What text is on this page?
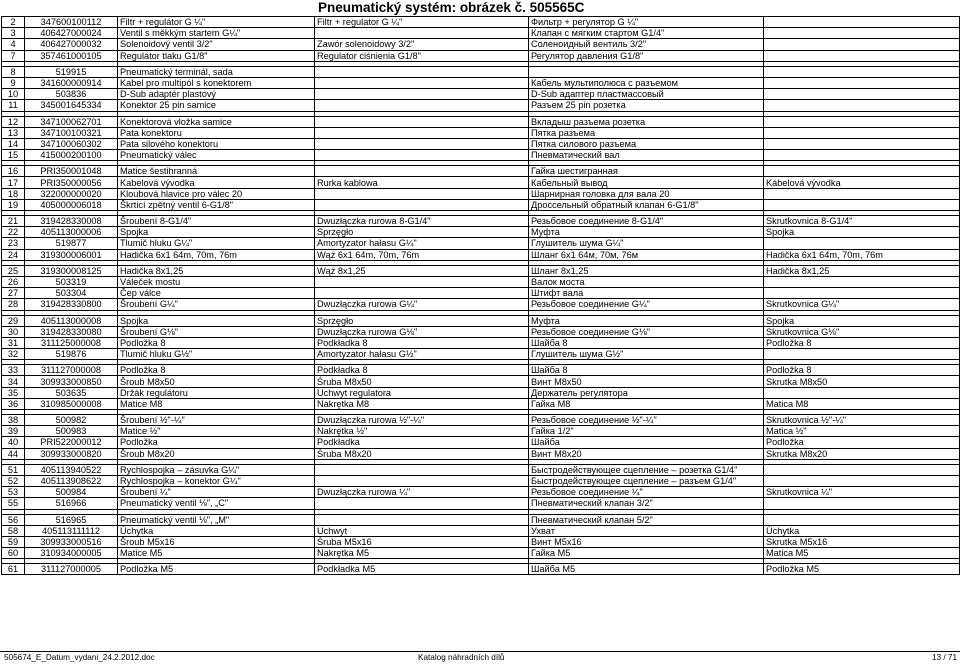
Pneumatický systém: obrázek č. 505565C
2	347600100112	Filtr + regulátor G ¼"	Filtr + regulator G ¼"	Фильтр + регулятор G ¼"	
3	406427000024	Ventil s měkkým startem G¼"		Клапан с мягким стартом G1/4"	
4	406427000032	Solenoidový ventil 3/2"	Zawór solenoidowy 3/2"	Соленоидный вентиль 3/2"	
7	357461000105	Regulátor tlaku G1/8"	Regulator ciśnienia G1/8"	Регулятор давления G1/8"	

8	519915	Pneumatický terminál, sada			
9	341600000914	Kabel pro multipól s konektorem		Кабель мультиполюса с разъемом	
10	503836	D-Sub adaptér plastový		D-Sub адаптер пластмассовый	
11	345001645334	Konektor 25 pin samice		Разъем 25 pin розетка	

12	347100062701	Konektorová vložka samice		Вкладыш разъема розетка	
13	347100100321	Pata konektoru		Пятка разъема	
14	347100060302	Pata silového konektoru		Пятка силового разъема	
15	415000200100	Pneumatický válec		Пневматический вал	

16	PRI350001048	Matice šestihranná		Гайка шестигранная	
17	PRI350000056	Kabelová vývodka	Rurka kablowa	Кабельный вывод	Kábelová vývodka
18	322000000020	Kloubová hlavice pro válec 20		Шарнирная головка для вала 20	
19	405000006018	Škrticí zpětný ventil 6-G1/8"		Дроссельный обратный клапан 6-G1/8"	

21	319428330008	Šroubení 8-G1/4"	Dwuzłączka rurowa 8-G1/4"	Резьбовое соединение 8-G1/4"	Skrutkovnica 8-G1/4"
22	405113000006	Spojka	Sprzęgło	Муфта	Spojka
23	519877	Tlumič hluku G¼"	Amortyzator hałasu G¼"	Глушитель шума G¼"	
24	319300006001	Hadička 6x1 64m, 70m, 76m	Wąż 6x1 64m, 70m, 76m	Шланг 6x1 64м, 70м, 76м	Hadička 6x1 64m, 70m, 76m

25	319300008125	Hadička 8x1,25	Wąż 8x1,25	Шланг 8x1,25	Hadička 8x1,25
26	503319	Váleček mostu		Валок моста	
27	503304	Čep válce		Штифт вала	
28	319428330800	Šroubení G¼"	Dwuzłączka rurowa G¼"	Резьбовое соединение G¼"	Skrutkovnica G¼"

29	405113000008	Spojka	Sprzęgło	Муфта	Spojka
30	319428330080	Šroubení G⅛"	Dwuzłączka rurowa G⅛"	Резьбовое соединение G⅛"	Skrutkovnica G⅛"
31	311125000008	Podložka 8	Podkładka 8	Шайба 8	Podložka 8
32	519876	Tlumič hluku G½"	Amortyzator hałasu G½"	Глушитель шума G½"	

33	311127000008	Podložka 8	Podkładka 8	Шайба 8	Podložka 8
34	309933000850	Šroub M8x50	Śruba M8x50	Винт M8x50	Skrutka M8x50
35	503635	Držák regulátoru	Uchwyt regulatora	Держатель регулятора	
36	310985000008	Matice M8	Nakrętka M8	Гайка M8	Matica M8

38	500982	Šroubení ½"-¼"	Dwuzłączka rurowa ½"-¼"	Резьбовое соединение ½"-¼"	Skrutkovnica ½"-¼"
39	500983	Matice ½"	Nakrętka ½"	Гайка 1/2"	Matica ½"
40	PRI522000012	Podložka	Podkładka	Шайба	Podložka
44	309933000820	Šroub M8x20	Śruba M8x20	Винт M8x20	Skrutka M8x20

51	405113940522	Rychlospojka – zásuvka G¼"		Быстродействующее сцепление – розетка G1/4"	
52	405113908622	Rychlospojka – konektor G¼"		Быстродействующее сцепление – разъем G1/4"	
53	500984	Šroubení ¼"	Dwuzłączka rurowa ¼"	Резьбовое соединение ¼"	Skrutkovnica ¼"
55	516966	Pneumatický ventil ⅛", „C"		Пневматический клапан 3/2"	

56	516965	Pneumatický ventil ⅛", „M"		Пневматический клапан 5/2"	
58	405113111112	Úchytka	Uchwyt	Ухват	Úchytka
59	309933000516	Šroub M5x16	Śruba M5x16	Винт M5x16	Skrutka M5x16
60	310934000005	Matice M5	Nakrętka M5	Гайка M5	Matica M5

61	311127000005	Podložka M5	Podkładka M5	Шайба M5	Podložka M5
505674_E_Datum_vydani_24.2.2012.doc	Katalog náhradních dílů	13 / 71
